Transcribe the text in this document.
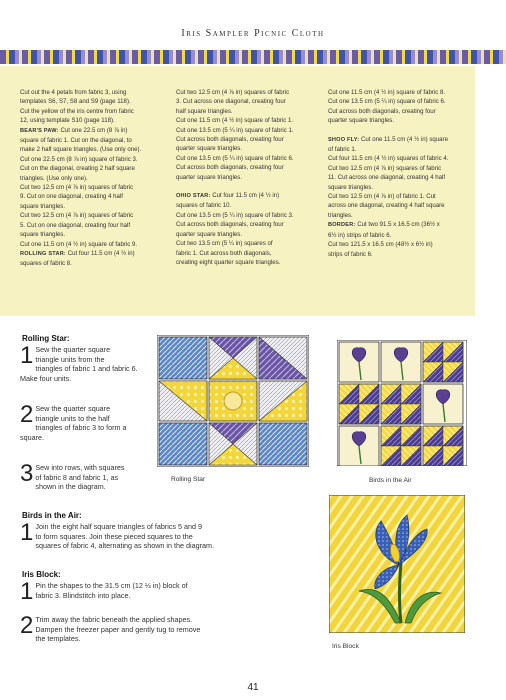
Iris Sampler Picnic Cloth

Cut out the 4 petals from fabric 3, using

templates S6, S7, S8 and S9 (page 118).

Cut the yellow of the iris centre from fabric

12, using template S10 (page 118).

BEAR'S PAW: Cut one 22.5 cm (8 ⅞ in)

square of fabric 1. Cut on the diagonal, to

make 2 half square triangles. (Use only one).

Cut one 22.5 cm (8 ⅞ in) square of fabric 3.

Cut on the diagonal, creating 2 half square

triangles. (Use only one).

Cut two 12.5 cm (4 ⅞ in) squares of fabric

9. Cut on one diagonal, creating 4 half

square triangles.

Cut two 12.5 cm (4 ⅞ in) squares of fabric

5. Cut on one diagonal, creating four half

square triangles.

Cut one 11.5 cm (4 ½ in) square of fabric 9.

ROLLING STAR: Cut four 11.5 cm (4 ½ in)

squares of fabric 8.

Cut two 12.5 cm (4 ⅞ in) squares of fabric

3. Cut across one diagonal, creating four

half square triangles.

Cut one 11.5 cm (4 ½ in) square of fabric 1.

Cut one 13.5 cm (5 ¼ in) square of fabric 1.

Cut across both diagonals, creating four

quarter square triangles.

Cut one 13.5 cm (5 ¼ in) square of fabric 6.

Cut across both diagonals, creating four

quarter square triangles.

OHIO STAR: Cut four 11.5 cm (4 ½ in)

squares of fabric 10.

Cut one 13.5 cm (5 ¼ in) square of fabric 3.

Cut across both diagonals, creating four

quarter square triangles.

Cut two 13.5 cm (5 ¼ in) squares of

fabric 1. Cut across both diagonals,

creating eight quarter square triangles.

Cut one 11.5 cm (4 ½ in) square of fabric 8.

Cut one 13.5 cm (5 ¼ in) square of fabric 6.

Cut across both diagonals, creating four

quarter square triangles.

SHOO FLY: Cut one 11.5 cm (4 ½ in) square

of fabric 1.

Cut four 11.5 cm (4 ½ in) squares of fabric 4.

Cut two 12.5 cm (4 ⅞ in) squares of fabric

11. Cut across one diagonal, creating 4 half

square triangles.

Cut two 12.5 cm (4 ⅞ in) of fabric 1. Cut

across one diagonal, creating 4 half square

triangles.

BORDER: Cut two 91.5 x 16.5 cm (36½ x

6½ in) strips of fabric 6.

Cut two 121.5 x 16.5 cm (48½ x 6½ in)

strips of fabric 6.

Rolling Star:
1 Sew the quarter square
triangle units from the
triangles of fabric 1 and fabric 6.
Make four units.
2 Sew the quarter square
triangle units to the half
triangles of fabric 3 to form a
square.
3 Sew into rows, with squares
of fabric 8 and fabric 1, as
shown in the diagram.
Birds in the Air:
1 Join the eight half square triangles of fabrics 5 and 9
to form squares. Join these pieced squares to the
squares of fabric 4, alternating as shown in the diagram.
Iris Block:
1 Pin the shapes to the 31.5 cm (12 ½ in) block of
fabric 3. Blindstitch into place.
2 Trim away the fabric beneath the applied shapes.
Dampen the freezer paper and gently tug to remove
the templates.
Rolling Star	Birds in the Air
Iris Block
41
